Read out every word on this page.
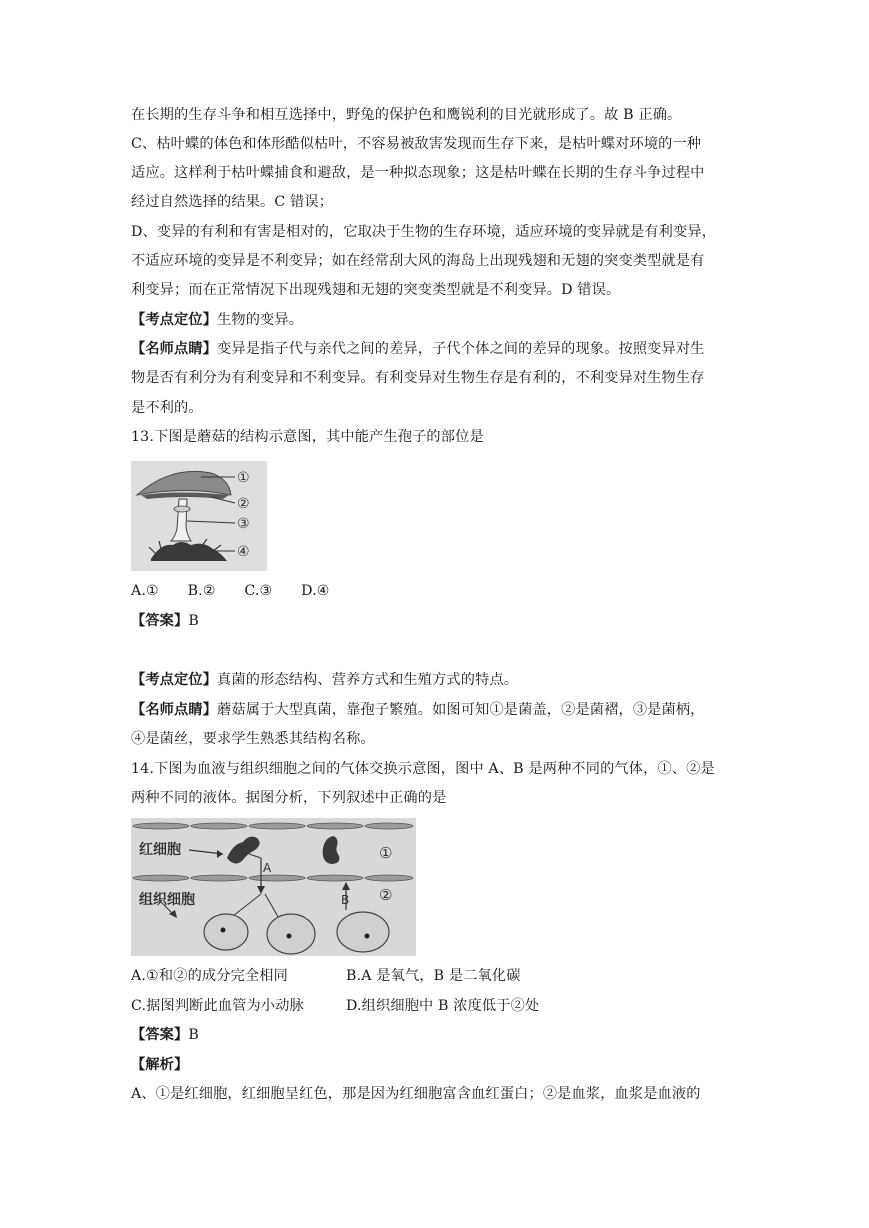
在长期的生存斗争和相互选择中，野兔的保护色和鹰锐利的目光就形成了。故 B 正确。
C、枯叶蝶的体色和体形酷似枯叶，不容易被敌害发现而生存下来，是枯叶蝶对环境的一种
适应。这样利于枯叶蝶捕食和避敌，是一种拟态现象；这是枯叶蝶在长期的生存斗争过程中
经过自然选择的结果。C 错误；
D、变异的有利和有害是相对的，它取决于生物的生存环境，适应环境的变异就是有利变异，
不适应环境的变异是不利变异；如在经常刮大风的海岛上出现残翅和无翅的突变类型就是有
利变异；而在正常情况下出现残翅和无翅的突变类型就是不利变异。D 错误。
【考点定位】生物的变异。
【名师点睛】变异是指子代与亲代之间的差异，子代个体之间的差异的现象。按照变异对生
物是否有利分为有利变异和不利变异。有利变异对生物生存是有利的，不利变异对生物生存
是不利的。
13.下图是蘑菇的结构示意图，其中能产生孢子的部位是
①
②
③
④
A.①　　B.②　　C.③　　D.④
【答案】B
【考点定位】真菌的形态结构、营养方式和生殖方式的特点。
【名师点睛】蘑菇属于大型真菌，靠孢子繁殖。如图可知①是菌盖，②是菌褶，③是菌柄，
④是菌丝，要求学生熟悉其结构名称。
14.下图为血液与组织细胞之间的气体交换示意图，图中 A、B 是两种不同的气体，①、②是
两种不同的液体。据图分析，下列叙述中正确的是
红细胞
组织细胞
A
B
①
②
A.①和②的成分完全相同	B.A 是氧气，B 是二氧化碳
C.据图判断此血管为小动脉	D.组织细胞中 B 浓度低于②处
【答案】B
【解析】
A、①是红细胞，红细胞呈红色，那是因为红细胞富含血红蛋白；②是血浆，血浆是血液的
